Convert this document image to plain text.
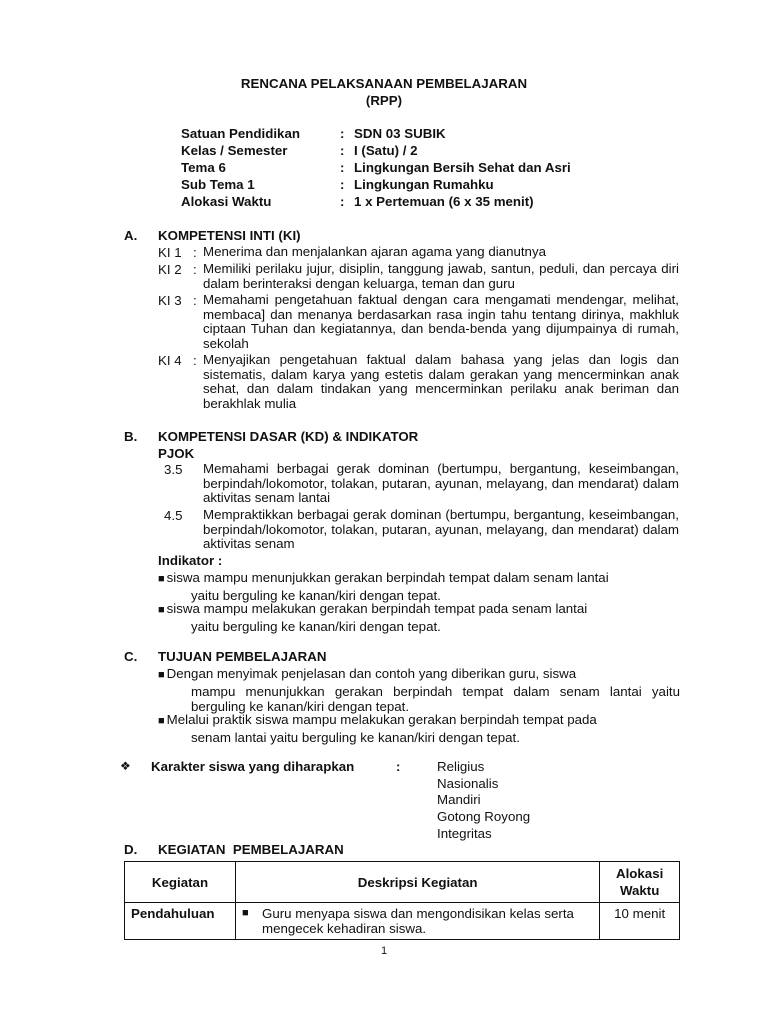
RENCANA PELAKSANAAN PEMBELAJARAN
(RPP)
Satuan Pendidikan	: SDN 03 SUBIK
Kelas / Semester	: I (Satu) / 2
Tema 6	: Lingkungan Bersih Sehat dan Asri
Sub Tema 1	: Lingkungan Rumahku
Alokasi Waktu	: 1 x Pertemuan (6 x 35 menit)
A. KOMPETENSI INTI (KI)
KI 1 : Menerima dan menjalankan ajaran agama yang dianutnya
KI 2 : Memiliki perilaku jujur, disiplin, tanggung jawab, santun, peduli, dan percaya diri dalam berinteraksi dengan keluarga, teman dan guru
KI 3 : Memahami pengetahuan faktual dengan cara mengamati mendengar, melihat, membaca] dan menanya berdasarkan rasa ingin tahu tentang dirinya, makhluk ciptaan Tuhan dan kegiatannya, dan benda-benda yang dijumpainya di rumah, sekolah
KI 4 : Menyajikan pengetahuan faktual dalam bahasa yang jelas dan logis dan sistematis, dalam karya yang estetis dalam gerakan yang mencerminkan anak sehat, dan dalam tindakan yang mencerminkan perilaku anak beriman dan berakhlak mulia
B. KOMPETENSI DASAR (KD) & INDIKATOR
PJOK
3.5 Memahami berbagai gerak dominan (bertumpu, bergantung, keseimbangan, berpindah/lokomotor, tolakan, putaran, ayunan, melayang, dan mendarat) dalam aktivitas senam lantai
4.5 Mempraktikkan berbagai gerak dominan (bertumpu, bergantung, keseimbangan, berpindah/lokomotor, tolakan, putaran, ayunan, melayang, dan mendarat) dalam aktivitas senam
Indikator :
■ siswa mampu menunjukkan gerakan berpindah tempat dalam senam lantai
yaitu berguling ke kanan/kiri dengan tepat.
■ siswa mampu melakukan gerakan berpindah tempat pada senam lantai
yaitu berguling ke kanan/kiri dengan tepat.
C. TUJUAN PEMBELAJARAN
■ Dengan menyimak penjelasan dan contoh yang diberikan guru, siswa
mampu menunjukkan gerakan berpindah tempat dalam senam lantai yaitu berguling ke kanan/kiri dengan tepat.
■ Melalui praktik siswa mampu melakukan gerakan berpindah tempat pada
senam lantai yaitu berguling ke kanan/kiri dengan tepat.
❖ Karakter siswa yang diharapkan	:	Religius
Nasionalis
Mandiri
Gotong Royong
Integritas
D. KEGIATAN  PEMBELAJARAN
Kegiatan	Deskripsi Kegiatan	Alokasi Waktu
Pendahuluan	■ Guru menyapa siswa dan mengondisikan kelas serta mengecek kehadiran siswa.	10 menit
1
